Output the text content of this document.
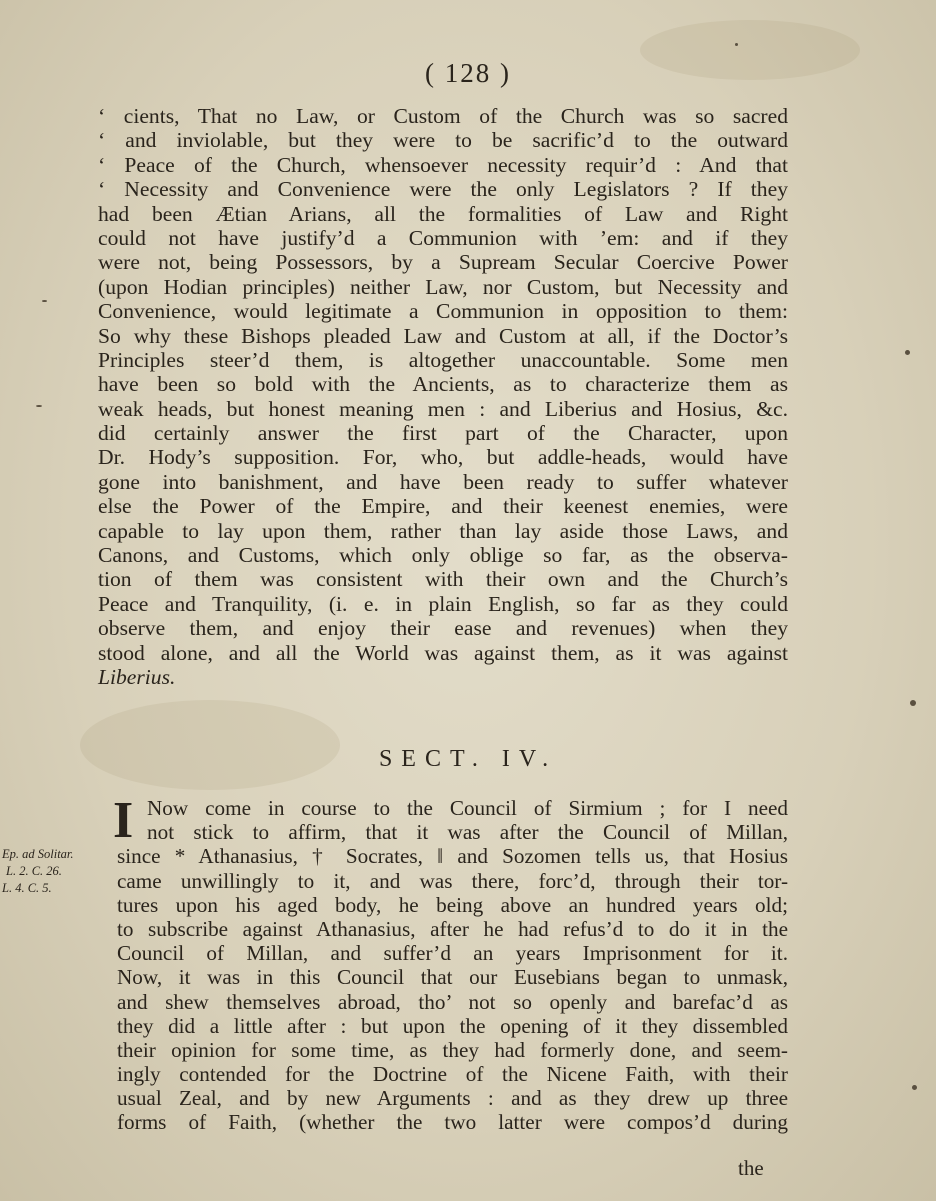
( 128 )
‘ cients, That no Law, or Custom of the Church was so sacred
‘ and inviolable, but they were to be sacrific’d to the outward
‘ Peace of the Church, whensoever necessity requir’d : And that
‘ Necessity and Convenience were the only Legislators ? If they
had been Ætian Arians, all the formalities of Law and Right
could not have justify’d a Communion with ’em: and if they
were not, being Possessors, by a Supream Secular Coercive Power
(upon Hodian principles) neither Law, nor Custom, but Necessity and
Convenience, would legitimate a Communion in opposition to them:
So why these Bishops pleaded Law and Custom at all, if the Doctor’s
Principles steer’d them, is altogether unaccountable. Some men
have been so bold with the Ancients, as to characterize them as
weak heads, but honest meaning men : and Liberius and Hosius, &c.
did certainly answer the first part of the Character, upon
Dr. Hody’s supposition. For, who, but addle-heads, would have
gone into banishment, and have been ready to suffer whatever
else the Power of the Empire, and their keenest enemies, were
capable to lay upon them, rather than lay aside those Laws, and
Canons, and Customs, which only oblige so far, as the observa-
tion of them was consistent with their own and the Church’s
Peace and Tranquility, (i. e. in plain English, so far as they could
observe them, and enjoy their ease and revenues) when they
stood alone, and all the World was against them, as it was against
Liberius.
SECT. IV.
I
Ep. ad Solitar.
L. 2. C. 26.
L. 4. C. 5.
Now come in course to the Council of Sirmium ; for I need
not stick to affirm, that it was after the Council of Millan,
since * Athanasius, † Socrates, ‖ and Sozomen tells us, that Hosius
came unwillingly to it, and was there, forc’d, through their tor-
tures upon his aged body, he being above an hundred years old;
to subscribe against Athanasius, after he had refus’d to do it in the
Council of Millan, and suffer’d an years Imprisonment for it.
Now, it was in this Council that our Eusebians began to unmask,
and shew themselves abroad, tho’ not so openly and barefac’d as
they did a little after : but upon the opening of it they dissembled
their opinion for some time, as they had formerly done, and seem-
ingly contended for the Doctrine of the Nicene Faith, with their
usual Zeal, and by new Arguments : and as they drew up three
forms of Faith, (whether the two latter were compos’d during
the
